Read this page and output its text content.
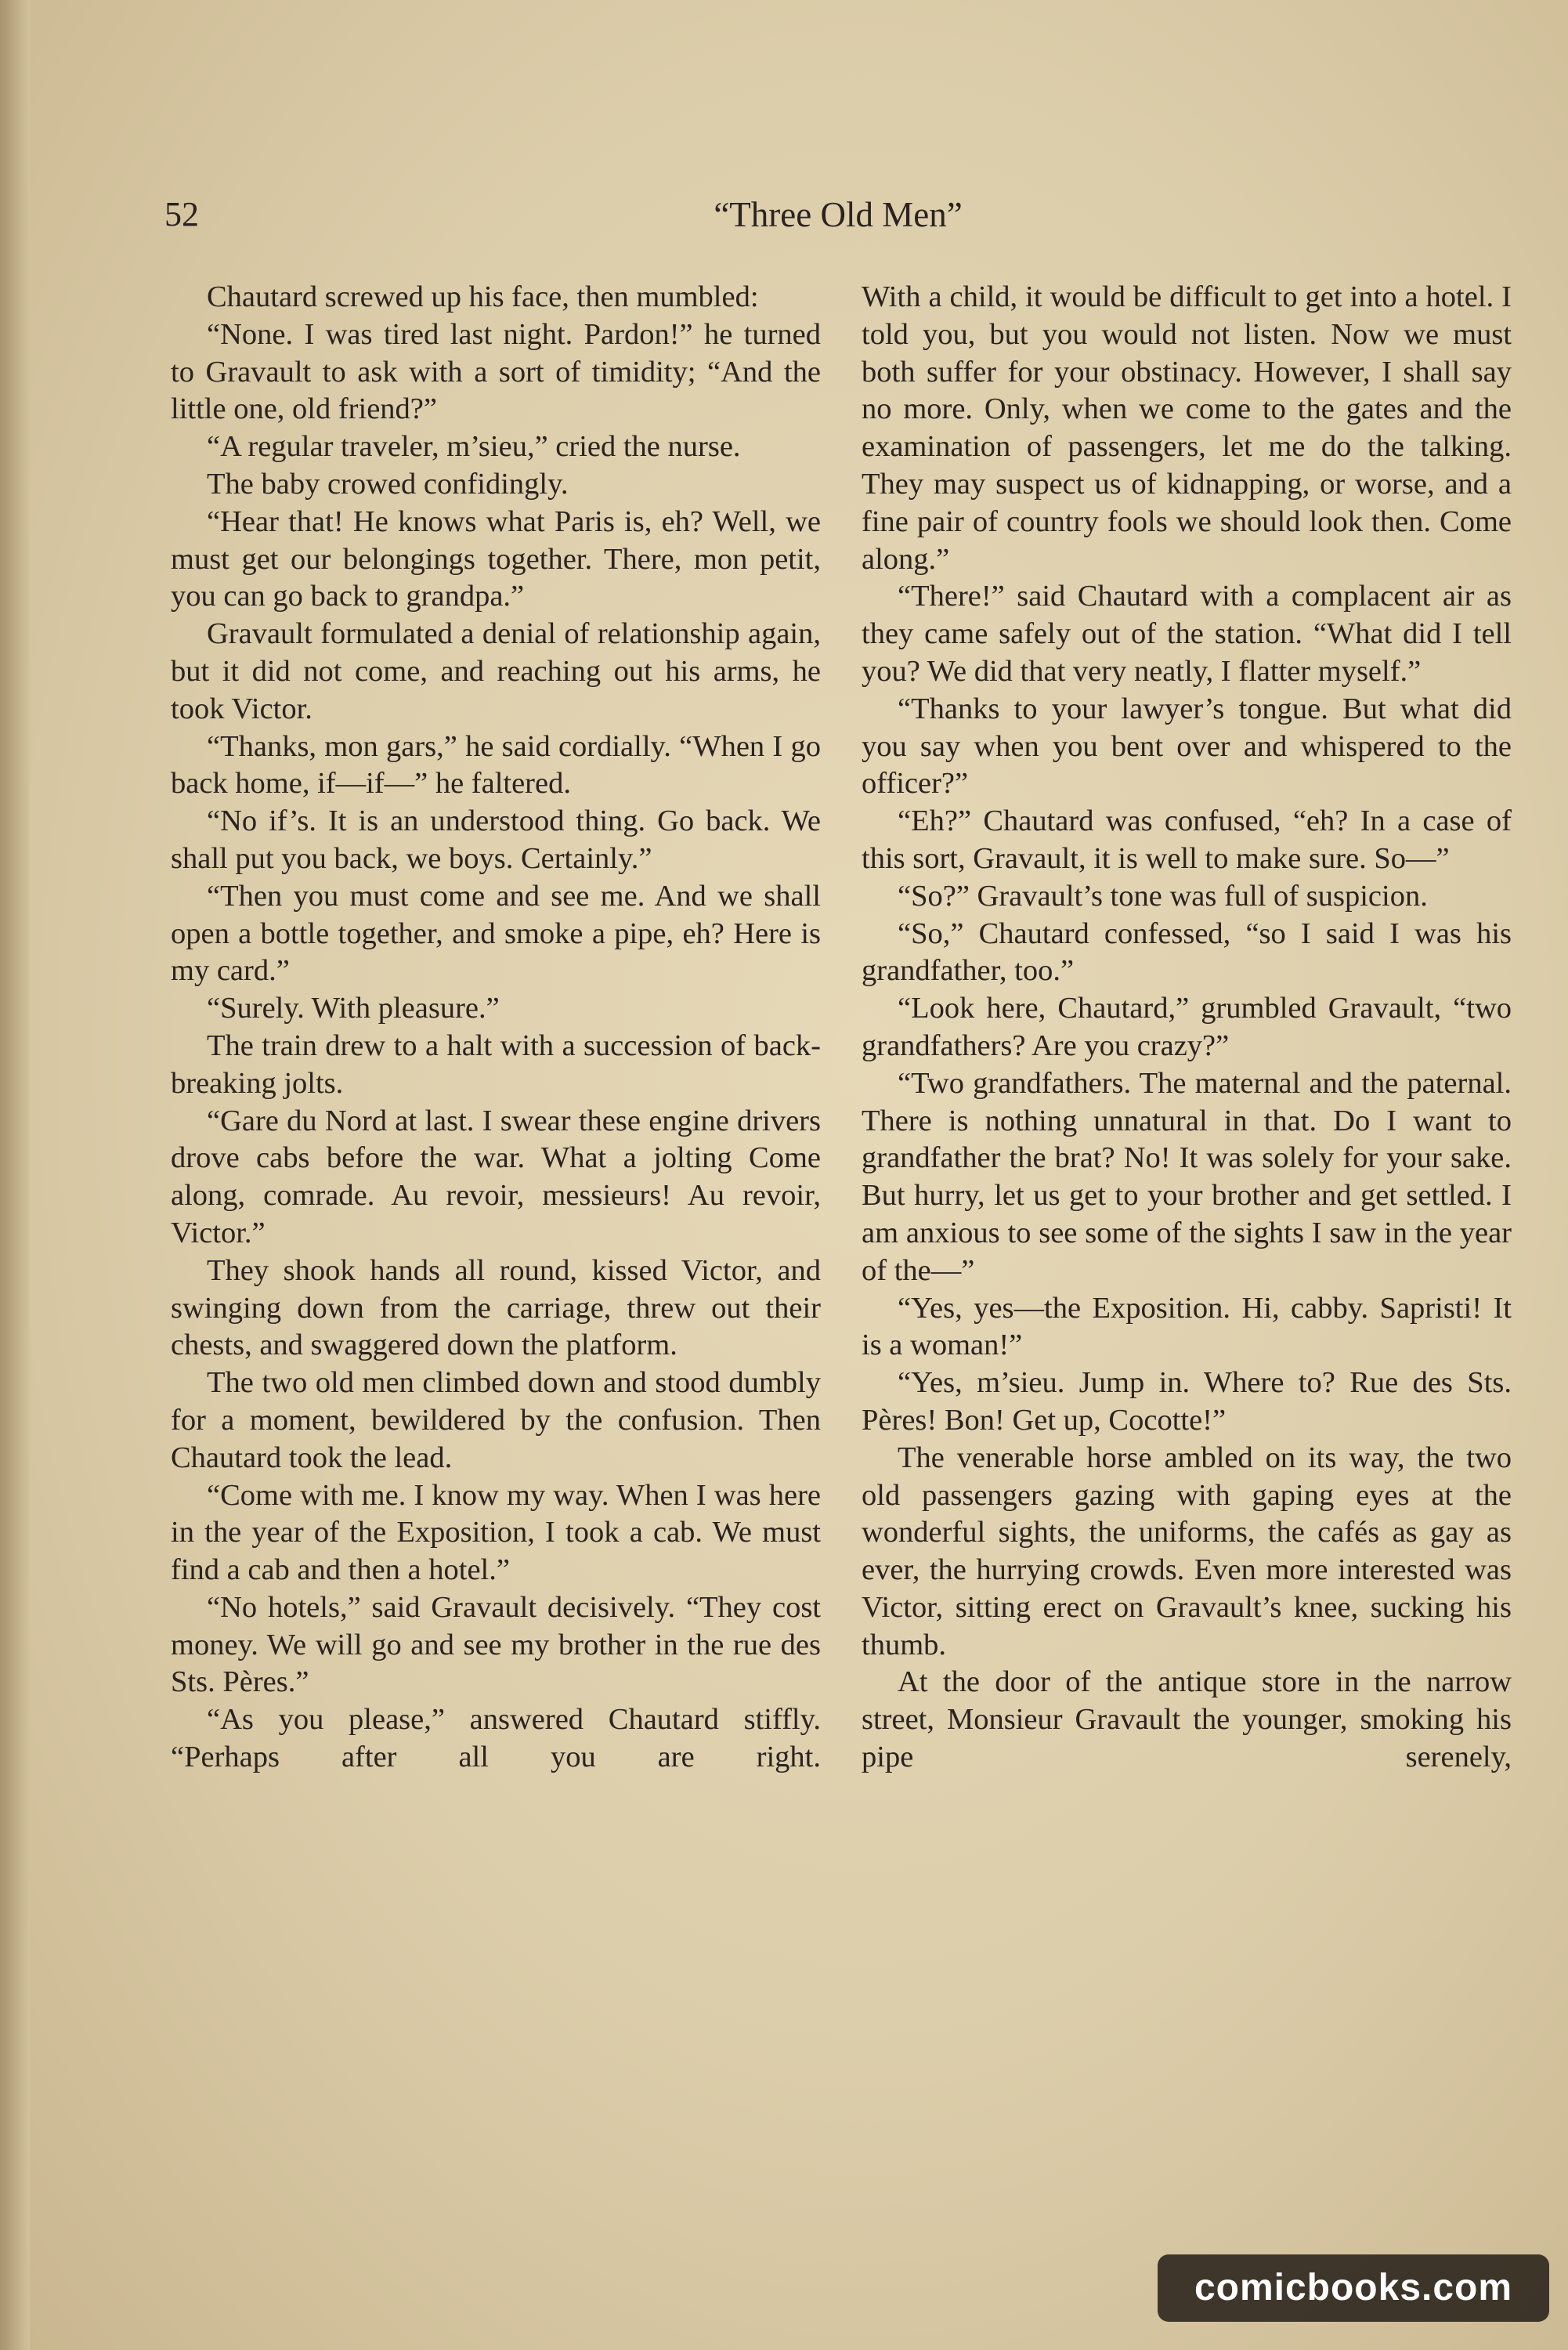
52	“Three Old Men”

Chautard screwed up his face, then mumbled:

“None. I was tired last night. Pardon!” he turned to Gravault to ask with a sort of timidity; “And the little one, old friend?”

“A regular traveler, m’sieu,” cried the nurse.

The baby crowed confidingly.

“Hear that! He knows what Paris is, eh? Well, we must get our belongings together. There, mon petit, you can go back to grandpa.”

Gravault formulated a denial of relationship again, but it did not come, and reaching out his arms, he took Victor.

“Thanks, mon gars,” he said cordially. “When I go back home, if—if—” he faltered.

“No if’s. It is an understood thing. Go back. We shall put you back, we boys. Certainly.”

“Then you must come and see me. And we shall open a bottle together, and smoke a pipe, eh? Here is my card.”

“Surely. With pleasure.”

The train drew to a halt with a succession of back-breaking jolts.

“Gare du Nord at last. I swear these engine drivers drove cabs before the war. What a jolting Come along, comrade. Au revoir, messieurs! Au revoir, Victor.”

They shook hands all round, kissed Victor, and swinging down from the carriage, threw out their chests, and swaggered down the platform.

The two old men climbed down and stood dumbly for a moment, bewildered by the confusion. Then Chautard took the lead.

“Come with me. I know my way. When I was here in the year of the Exposition, I took a cab. We must find a cab and then a hotel.”

“No hotels,” said Gravault decisively. “They cost money. We will go and see my brother in the rue des Sts. Pères.”

“As you please,” answered Chautard stiffly. “Perhaps after all you are right.

With a child, it would be difficult to get into a hotel. I told you, but you would not listen. Now we must both suffer for your obstinacy. However, I shall say no more. Only, when we come to the gates and the examination of passengers, let me do the talking. They may suspect us of kidnapping, or worse, and a fine pair of country fools we should look then. Come along.”

“There!” said Chautard with a complacent air as they came safely out of the station. “What did I tell you? We did that very neatly, I flatter myself.”

“Thanks to your lawyer’s tongue. But what did you say when you bent over and whispered to the officer?”

“Eh?” Chautard was confused, “eh? In a case of this sort, Gravault, it is well to make sure. So—”

“So?” Gravault’s tone was full of suspicion.

“So,” Chautard confessed, “so I said I was his grandfather, too.”

“Look here, Chautard,” grumbled Gravault, “two grandfathers? Are you crazy?”

“Two grandfathers. The maternal and the paternal. There is nothing unnatural in that. Do I want to grandfather the brat? No! It was solely for your sake. But hurry, let us get to your brother and get settled. I am anxious to see some of the sights I saw in the year of the—”

“Yes, yes—the Exposition. Hi, cabby. Sapristi! It is a woman!”

“Yes, m’sieu. Jump in. Where to? Rue des Sts. Pères! Bon! Get up, Cocotte!”

The venerable horse ambled on its way, the two old passengers gazing with gaping eyes at the wonderful sights, the uniforms, the cafés as gay as ever, the hurrying crowds. Even more interested was Victor, sitting erect on Gravault’s knee, sucking his thumb.

At the door of the antique store in the narrow street, Monsieur Gravault the younger, smoking his pipe serenely,

comicbooks.com
